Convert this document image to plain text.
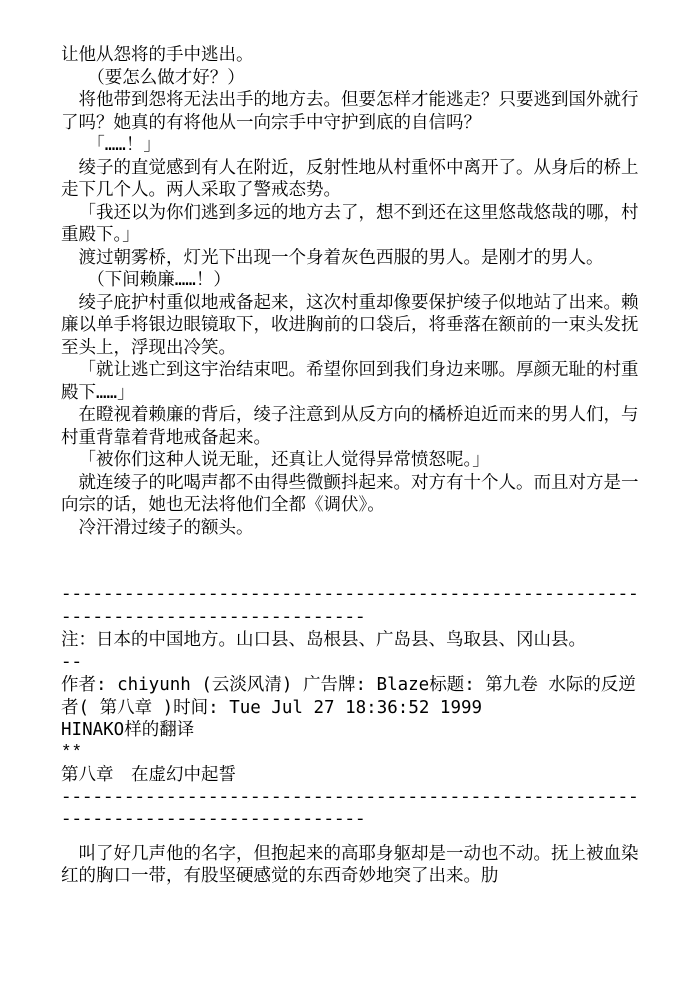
让他从怨将的手中逃出。
（要怎么做才好？）
将他带到怨将无法出手的地方去。但要怎样才能逃走？只要逃到国外就行了吗？她真的有将他从一向宗手中守护到底的自信吗？
「……！」
绫子的直觉感到有人在附近，反射性地从村重怀中离开了。从身后的桥上走下几个人。两人采取了警戒态势。
「我还以为你们逃到多远的地方去了，想不到还在这里悠哉悠哉的哪，村重殿下。」
渡过朝雾桥，灯光下出现一个身着灰色西服的男人。是刚才的男人。
（下间赖廉……！）
绫子庇护村重似地戒备起来，这次村重却像要保护绫子似地站了出来。赖廉以单手将银边眼镜取下，收进胸前的口袋后，将垂落在额前的一束头发抚至头上，浮现出冷笑。
「就让逃亡到这宇治结束吧。希望你回到我们身边来哪。厚颜无耻的村重殿下……」
在瞪视着赖廉的背后，绫子注意到从反方向的橘桥迫近而来的男人们，与村重背靠着背地戒备起来。
「被你们这种人说无耻，还真让人觉得异常愤怒呢。」
就连绫子的叱喝声都不由得些微颤抖起来。对方有十个人。而且对方是一向宗的话，她也无法将他们全都《调伏》。
冷汗滑过绫子的额头。
------------------------------------------------------------------------------------
注：日本的中国地方。山口县、岛根县、广岛县、鸟取县、冈山县。
--
作者: chiyunh (云淡风清) 广告牌: Blaze标题: 第九卷 水际的反逆者( 第八章 )时间: Tue Jul 27 18:36:52 1999
HINAKO样的翻译
**
第八章　在虚幻中起誓
------------------------------------------------------------------------------------
叫了好几声他的名字，但抱起来的高耶身躯却是一动也不动。抚上被血染红的胸口一带，有股坚硬感觉的东西奇妙地突了出来。肋
